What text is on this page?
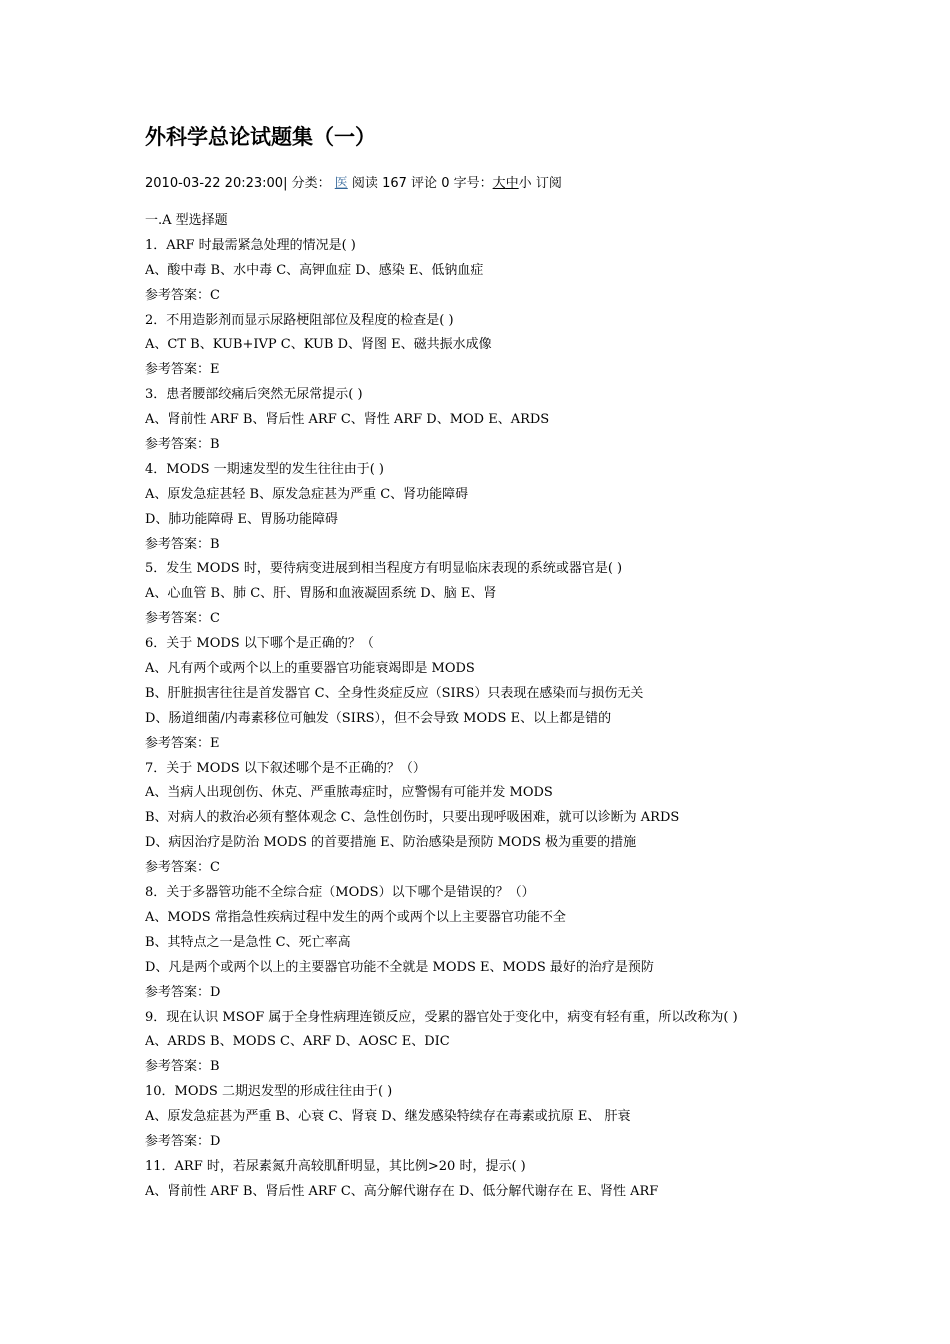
外科学总论试题集（一）
2010-03-22 20:23:00| 分类： 医 阅读 167 评论 0 字号：大中小 订阅
一.A 型选择题
1．ARF 时最需紧急处理的情况是( )
A、酸中毒 B、水中毒 C、高钾血症 D、感染 E、低钠血症
参考答案：C
2．不用造影剂而显示尿路梗阻部位及程度的检查是( )
A、CT B、KUB+IVP C、KUB D、肾图 E、磁共振水成像
参考答案：E
3．患者腰部绞痛后突然无尿常提示( )
A、肾前性 ARF B、肾后性 ARF C、肾性 ARF D、MOD E、ARDS
参考答案：B
4．MODS 一期速发型的发生往往由于( )
A、原发急症甚轻 B、原发急症甚为严重 C、肾功能障碍
D、肺功能障碍 E、胃肠功能障碍
参考答案：B
5．发生 MODS 时，要待病变进展到相当程度方有明显临床表现的系统或器官是( )
A、心血管 B、肺 C、肝、胃肠和血液凝固系统 D、脑 E、肾
参考答案：C
6．关于 MODS 以下哪个是正确的？（
A、凡有两个或两个以上的重要器官功能衰竭即是 MODS
B、肝脏损害往往是首发器官 C、全身性炎症反应（SIRS）只表现在感染而与损伤无关
D、肠道细菌/内毒素移位可触发（SIRS），但不会导致 MODS E、以上都是错的
参考答案：E
7．关于 MODS 以下叙述哪个是不正确的？（）
A、当病人出现创伤、休克、严重脓毒症时，应警惕有可能并发 MODS
B、对病人的救治必须有整体观念 C、急性创伤时，只要出现呼吸困难，就可以诊断为 ARDS
D、病因治疗是防治 MODS 的首要措施 E、防治感染是预防 MODS 极为重要的措施
参考答案：C
8．关于多器管功能不全综合症（MODS）以下哪个是错误的？（）
A、MODS 常指急性疾病过程中发生的两个或两个以上主要器官功能不全
B、其特点之一是急性 C、死亡率高
D、凡是两个或两个以上的主要器官功能不全就是 MODS E、MODS 最好的治疗是预防
参考答案：D
9．现在认识 MSOF 属于全身性病理连锁反应，受累的器官处于变化中，病变有轻有重，所以改称为( )
A、ARDS B、MODS C、ARF D、AOSC E、DIC
参考答案：B
10．MODS 二期迟发型的形成往往由于( )
A、原发急症甚为严重 B、心衰 C、肾衰 D、继发感染特续存在毒素或抗原 E、 肝衰
参考答案：D
11．ARF 时，若尿素氮升高较肌酐明显，其比例>20 时，提示( )
A、肾前性 ARF B、肾后性 ARF C、高分解代谢存在 D、低分解代谢存在 E、肾性 ARF
